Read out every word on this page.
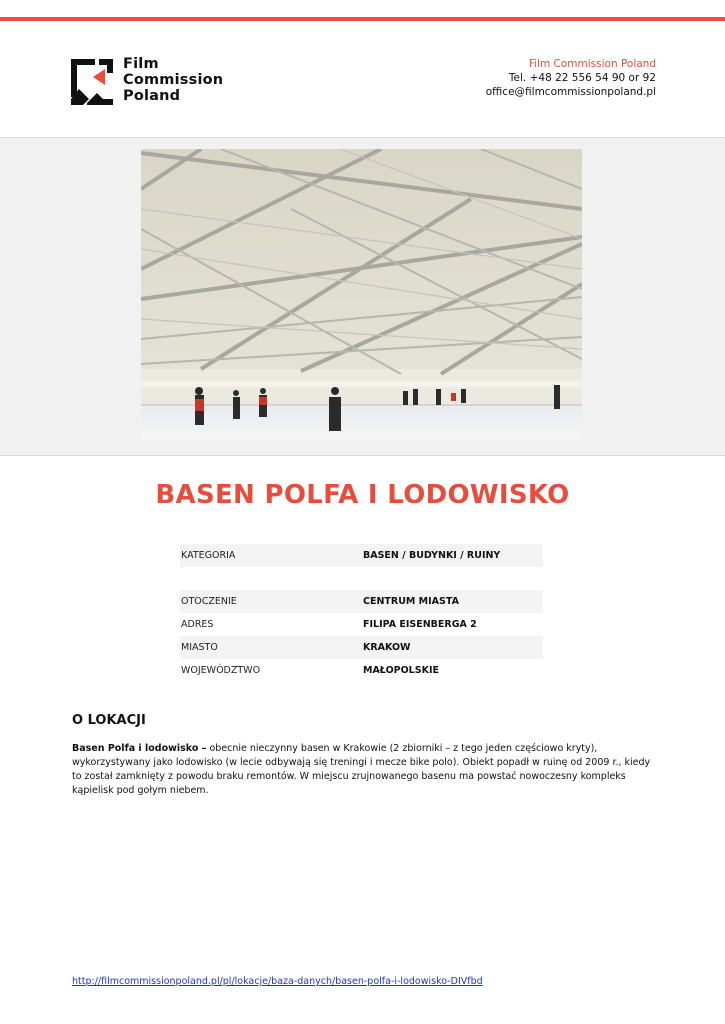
Film
Commission
Poland
Film Commission Poland
Tel. +48 22 556 54 90 or 92
office@filmcommissionpoland.pl
BASEN POLFA I LODOWISKO
KATEGORIA	BASEN / BUDYNKI / RUINY
OTOCZENIE	CENTRUM MIASTA
ADRES	FILIPA EISENBERGA 2
MIASTO	KRAKOW
WOJEWÓDZTWO	MAŁOPOLSKIE
O LOKACJI
Basen Polfa i lodowisko – obecnie nieczynny basen w Krakowie (2 zbiorniki – z tego jeden częściowo kryty), wykorzystywany jako lodowisko (w lecie odbywają się treningi i mecze bike polo). Obiekt popadł w ruinę od 2009 r., kiedy to został zamknięty z powodu braku remontów. W miejscu zrujnowanego basenu ma powstać nowoczesny kompleks kąpielisk pod gołym niebem.
http://filmcommissionpoland.pl/pl/lokacje/baza-danych/basen-polfa-i-lodowisko-DIVfbd
